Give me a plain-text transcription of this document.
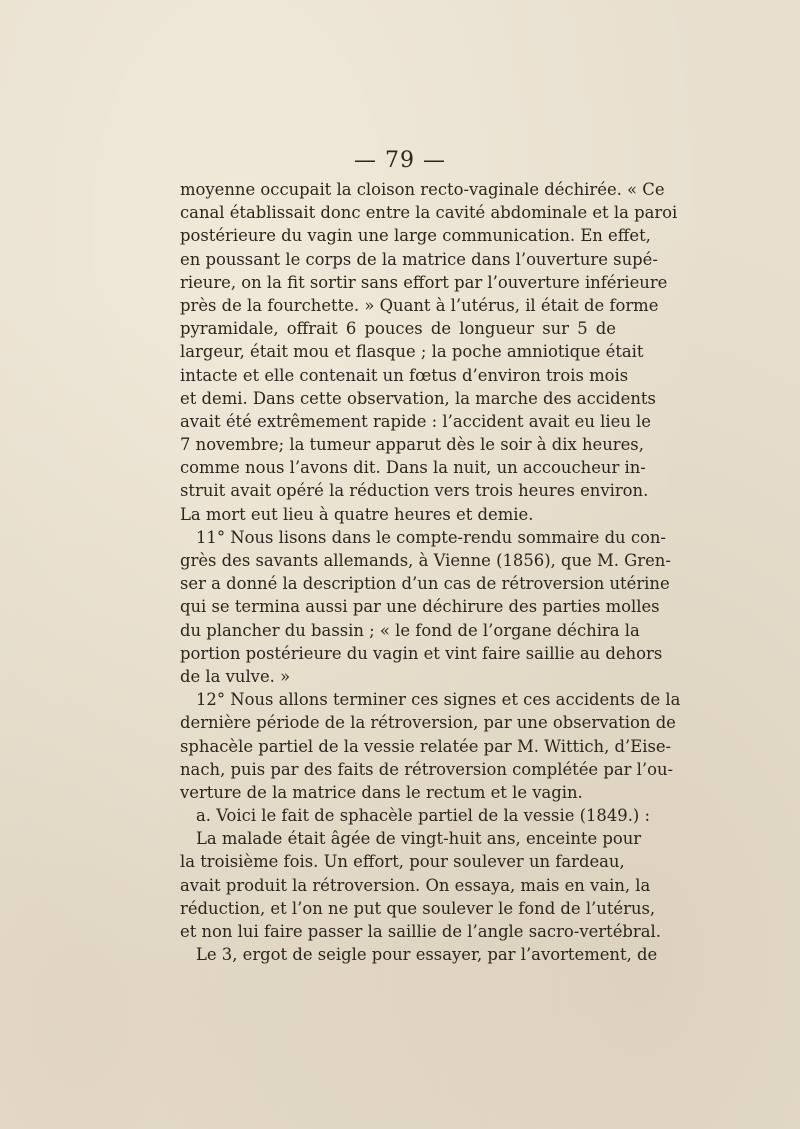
— 79 —
moyenne occupait la cloison recto-vaginale déchirée. « Ce
canal établissait donc entre la cavité abdominale et la paroi
postérieure du vagin une large communication. En effet,
en poussant le corps de la matrice dans l’ouverture supé-
rieure, on la fit sortir sans effort par l’ouverture inférieure
près de la fourchette. » Quant à l’utérus, il était de forme
pyramidale, offrait 6 pouces de longueur sur 5 de
largeur, était mou et flasque ; la poche amniotique était
intacte et elle contenait un fœtus d’environ trois mois
et demi. Dans cette observation, la marche des accidents
avait été extrêmement rapide : l’accident avait eu lieu le
7 novembre; la tumeur apparut dès le soir à dix heures,
comme nous l’avons dit. Dans la nuit, un accoucheur in-
struit avait opéré la réduction vers trois heures environ.
La mort eut lieu à quatre heures et demie.
11° Nous lisons dans le compte-rendu sommaire du con-
grès des savants allemands, à Vienne (1856), que M. Gren-
ser a donné la description d’un cas de rétroversion utérine
qui se termina aussi par une déchirure des parties molles
du plancher du bassin ; « le fond de l’organe déchira la
portion postérieure du vagin et vint faire saillie au dehors
de la vulve. »
12° Nous allons terminer ces signes et ces accidents de la
dernière période de la rétroversion, par une observation de
sphacèle partiel de la vessie relatée par M. Wittich, d’Eise-
nach, puis par des faits de rétroversion complétée par l’ou-
verture de la matrice dans le rectum et le vagin.
a. Voici le fait de sphacèle partiel de la vessie (1849.) :
La malade était âgée de vingt-huit ans, enceinte pour
la troisième fois. Un effort, pour soulever un fardeau,
avait produit la rétroversion. On essaya, mais en vain, la
réduction, et l’on ne put que soulever le fond de l’utérus,
et non lui faire passer la saillie de l’angle sacro-vertébral.
Le 3, ergot de seigle pour essayer, par l’avortement, de
